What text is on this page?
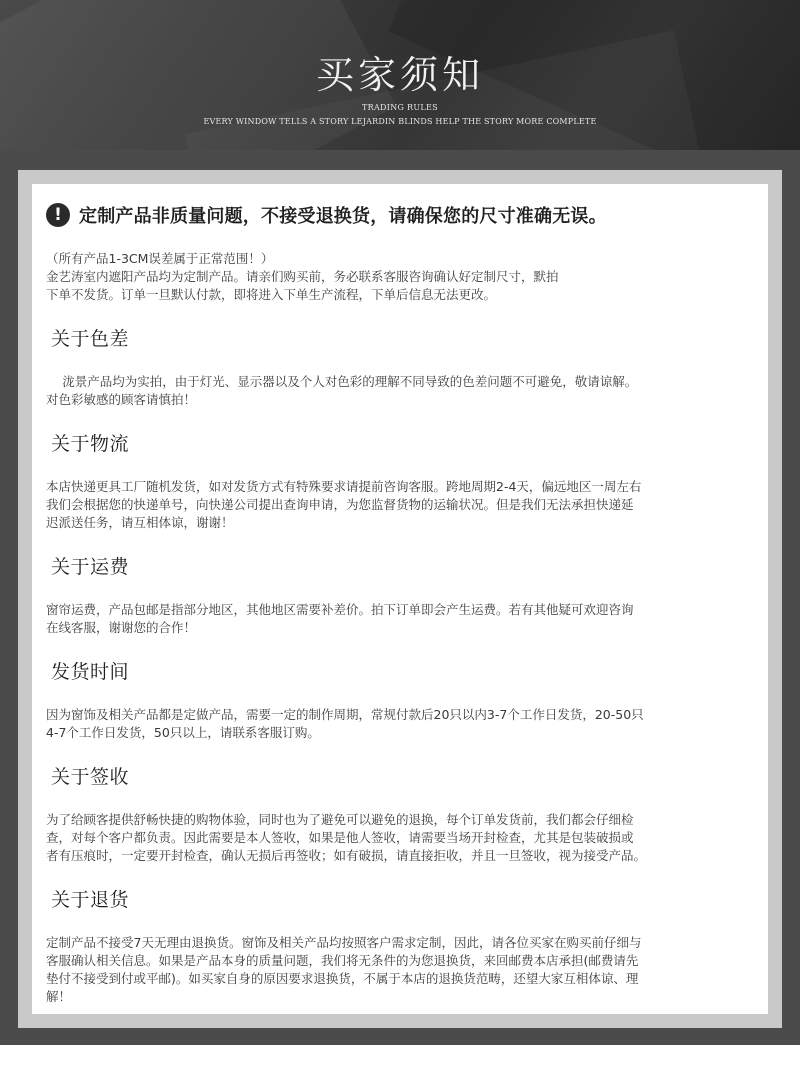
买家须知
TRADING RULES
EVERY WINDOW TELLS A STORY LEJARDIN BLINDS HELP THE STORY MORE COMPLETE
! 定制产品非质量问题，不接受退换货，请确保您的尺寸准确无误。

（所有产品1-3CM误差属于正常范围！）

金艺涛室内遮阳产品均为定制产品。请亲们购买前，务必联系客服咨询确认好定制尺寸，默拍

下单不发货。订单一旦默认付款，即将进入下单生产流程，下单后信息无法更改。

关于色差

泷景产品均为实拍，由于灯光、显示器以及个人对色彩的理解不同导致的色差问题不可避免，敬请谅解。

对色彩敏感的顾客请慎拍！

关于物流

本店快递更具工厂随机发货，如对发货方式有特殊要求请提前咨询客服。跨地周期2-4天，偏远地区一周左右

我们会根据您的快递单号，向快递公司提出查询申请，为您监督货物的运输状况。但是我们无法承担快递延

迟派送任务，请互相体谅，谢谢！

关于运费

窗帘运费，产品包邮是指部分地区，其他地区需要补差价。拍下订单即会产生运费。若有其他疑可欢迎咨询

在线客服，谢谢您的合作！

发货时间

因为窗饰及相关产品都是定做产品，需要一定的制作周期，常规付款后20只以内3-7个工作日发货，20-50只

4-7个工作日发货，50只以上，请联系客服订购。

关于签收

为了给顾客提供舒畅快捷的购物体验，同时也为了避免可以避免的退换，每个订单发货前，我们都会仔细检

查，对每个客户都负责。因此需要是本人签收，如果是他人签收，请需要当场开封检查，尤其是包装破损或

者有压痕时，一定要开封检查，确认无损后再签收；如有破损，请直接拒收，并且一旦签收，视为接受产品。

关于退货

定制产品不接受7天无理由退换货。窗饰及相关产品均按照客户需求定制，因此，请各位买家在购买前仔细与

客服确认相关信息。如果是产品本身的质量问题，我们将无条件的为您退换货，来回邮费本店承担(邮费请先

垫付不接受到付或平邮)。如买家自身的原因要求退换货，不属于本店的退换货范畴，还望大家互相体谅、理

解！
